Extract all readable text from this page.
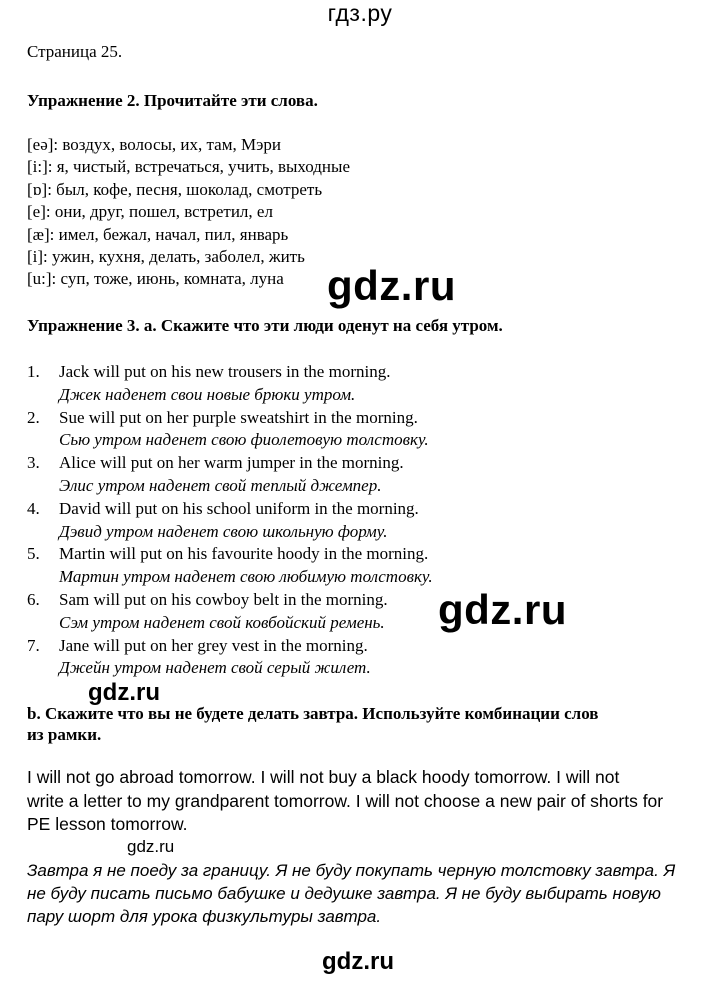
гдз.ру
Страница 25.
Упражнение 2. Прочитайте эти слова.
[eə]: воздух, волосы, их, там, Мэри
[i:]: я, чистый, встречаться, учить, выходные
[ɒ]: был, кофе, песня, шоколад, смотреть
[e]: они, друг, пошел, встретил, ел
[æ]: имел, бежал, начал, пил, январь
[i]: ужин, кухня, делать, заболел, жить
[u:]: суп, тоже, июнь, комната, луна	gdz.ru
Упражнение 3. a. Скажите что эти люди оденут на себя утром.
1.	Jack will put on his new trousers in the morning.
Джек наденет свои новые брюки утром.
2.	Sue will put on her purple sweatshirt in the morning.
Сью утром наденет свою фиолетовую толстовку.
3.	Alice will put on her warm jumper in the morning.
Элис утром наденет свой теплый джемпер.
4.	David will put on his school uniform in the morning.
Дэвид утром наденет свою школьную форму.
5.	Martin will put on his favourite hoody in the morning.
Мартин утром наденет свою любимую толстовку.
6.	Sam will put on his cowboy belt in the morning.
Сэм утром наденет свой ковбойский ремень.
7.	Jane will put on her grey vest in the morning.
Джейн утром наденет свой серый жилет.
gdz.ru
gdz.ru
b. Скажите что вы не будете делать завтра. Используйте комбинации слов
из рамки.
I will not go abroad tomorrow. I will not buy a black hoody tomorrow. I will not
write a letter to my grandparent tomorrow. I will not choose a new pair of shorts for
PE lesson tomorrow.
gdz.ru
Завтра я не поеду за границу. Я не буду покупать черную толстовку завтра. Я
не буду писать письмо бабушке и дедушке завтра. Я не буду выбирать новую
пару шорт для урока физкультуры завтра.
gdz.ru
